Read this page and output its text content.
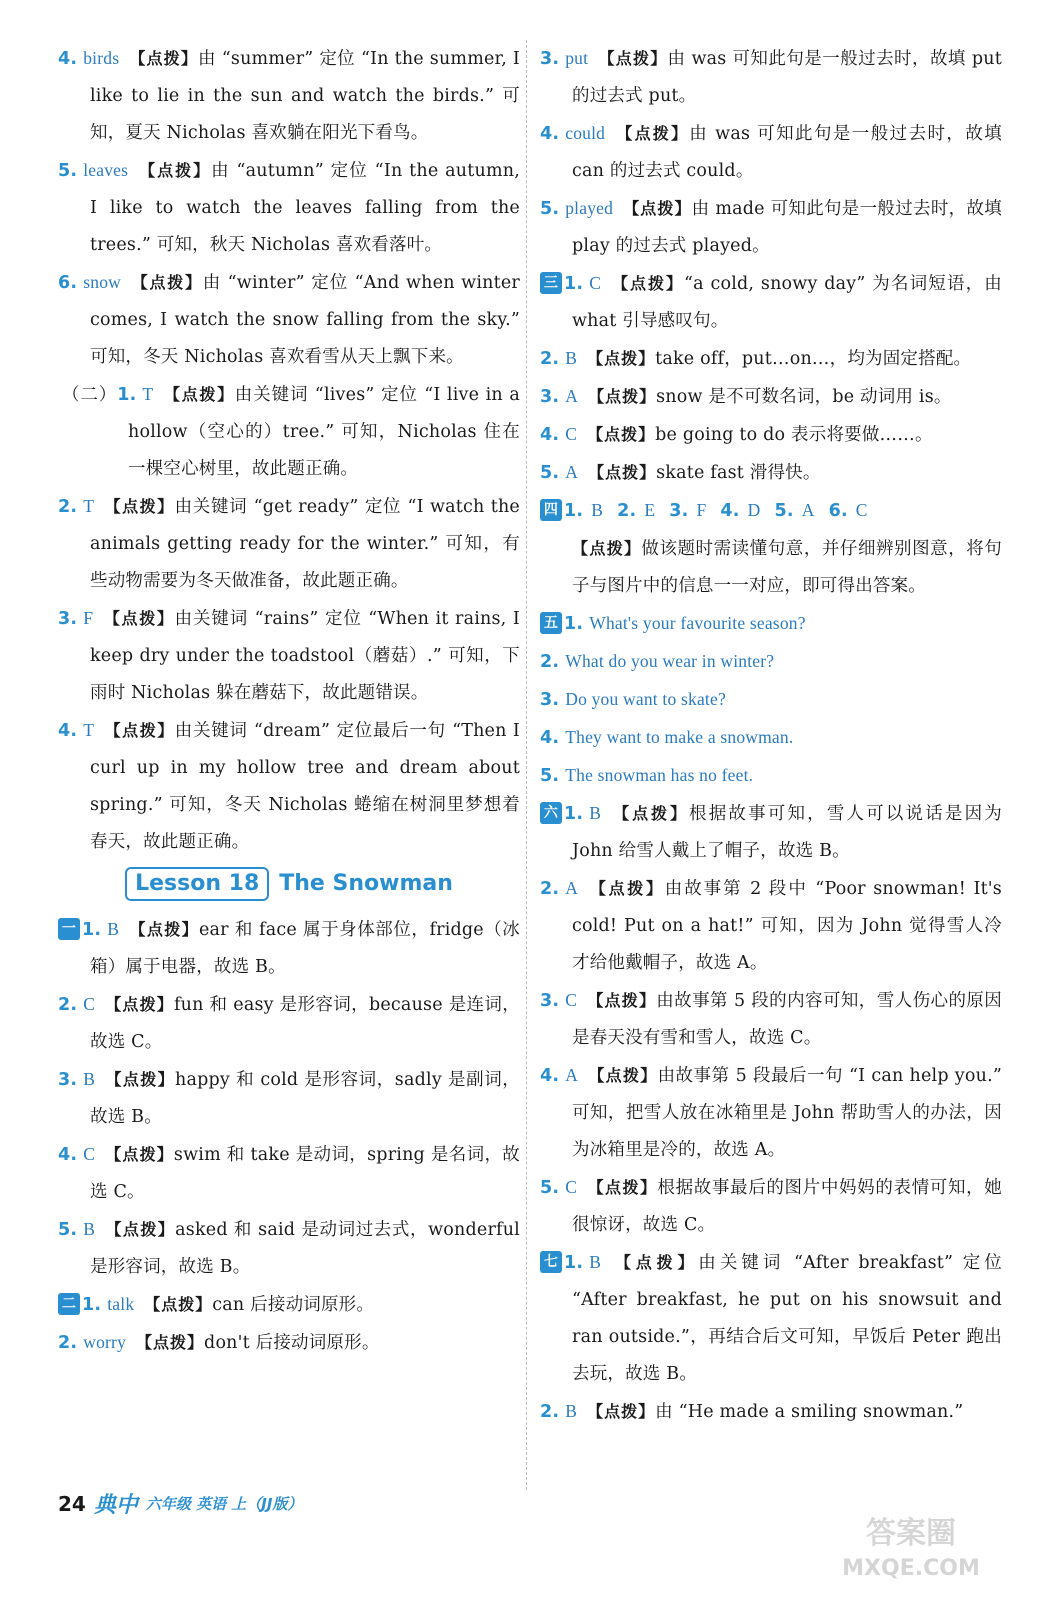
4. birds 【点拨】由 “summer” 定位 “In the summer, I like to lie in the sun and watch the birds.” 可知，夏天 Nicholas 喜欢躺在阳光下看鸟。
5. leaves 【点拨】由 “autumn” 定位 “In the autumn, I like to watch the leaves falling from the trees.” 可知，秋天 Nicholas 喜欢看落叶。
6. snow 【点拨】由 “winter” 定位 “And when winter comes, I watch the snow falling from the sky.” 可知，冬天 Nicholas 喜欢看雪从天上飘下来。
（二）1. T 【点拨】由关键词 “lives” 定位 “I live in a hollow（空心的）tree.” 可知，Nicholas 住在一棵空心树里，故此题正确。
2. T 【点拨】由关键词 “get ready” 定位 “I watch the animals getting ready for the winter.” 可知，有些动物需要为冬天做准备，故此题正确。
3. F 【点拨】由关键词 “rains” 定位 “When it rains, I keep dry under the toadstool（蘑菇）.” 可知，下雨时 Nicholas 躲在蘑菇下，故此题错误。
4. T 【点拨】由关键词 “dream” 定位最后一句 “Then I curl up in my hollow tree and dream about spring.” 可知，冬天 Nicholas 蜷缩在树洞里梦想着春天，故此题正确。
Lesson 18 The Snowman
一 1. B 【点拨】ear 和 face 属于身体部位，fridge（冰箱）属于电器，故选 B。
2. C 【点拨】fun 和 easy 是形容词，because 是连词，故选 C。
3. B 【点拨】happy 和 cold 是形容词，sadly 是副词，故选 B。
4. C 【点拨】swim 和 take 是动词，spring 是名词，故选 C。
5. B 【点拨】asked 和 said 是动词过去式，wonderful 是形容词，故选 B。
二 1. talk 【点拨】can 后接动词原形。
2. worry 【点拨】don't 后接动词原形。
3. put 【点拨】由 was 可知此句是一般过去时，故填 put 的过去式 put。
4. could 【点拨】由 was 可知此句是一般过去时，故填 can 的过去式 could。
5. played 【点拨】由 made 可知此句是一般过去时，故填 play 的过去式 played。
三 1. C 【点拨】“a cold, snowy day” 为名词短语，由 what 引导感叹句。
2. B 【点拨】take off，put…on…，均为固定搭配。
3. A 【点拨】snow 是不可数名词，be 动词用 is。
4. C 【点拨】be going to do 表示将要做……。
5. A 【点拨】skate fast 滑得快。
四 1. B 2. E 3. F 4. D 5. A 6. C
【点拨】做该题时需读懂句意，并仔细辨别图意，将句子与图片中的信息一一对应，即可得出答案。
五 1. What's your favourite season?
2. What do you wear in winter?
3. Do you want to skate?
4. They want to make a snowman.
5. The snowman has no feet.
六 1. B 【点拨】根据故事可知，雪人可以说话是因为 John 给雪人戴上了帽子，故选 B。
2. A 【点拨】由故事第 2 段中 “Poor snowman! It's cold! Put on a hat!” 可知，因为 John 觉得雪人冷才给他戴帽子，故选 A。
3. C 【点拨】由故事第 5 段的内容可知，雪人伤心的原因是春天没有雪和雪人，故选 C。
4. A 【点拨】由故事第 5 段最后一句 “I can help you.” 可知，把雪人放在冰箱里是 John 帮助雪人的办法，因为冰箱里是冷的，故选 A。
5. C 【点拨】根据故事最后的图片中妈妈的表情可知，她很惊讶，故选 C。
七 1. B 【点拨】由关键词 “After breakfast” 定位 “After breakfast, he put on his snowsuit and ran outside.”，再结合后文可知，早饭后 Peter 跑出去玩，故选 B。
2. B 【点拨】由 “He made a smiling snowman.”
24 典中 六年级 英语 上（JJ版）
答案圈
MXQE.COM
